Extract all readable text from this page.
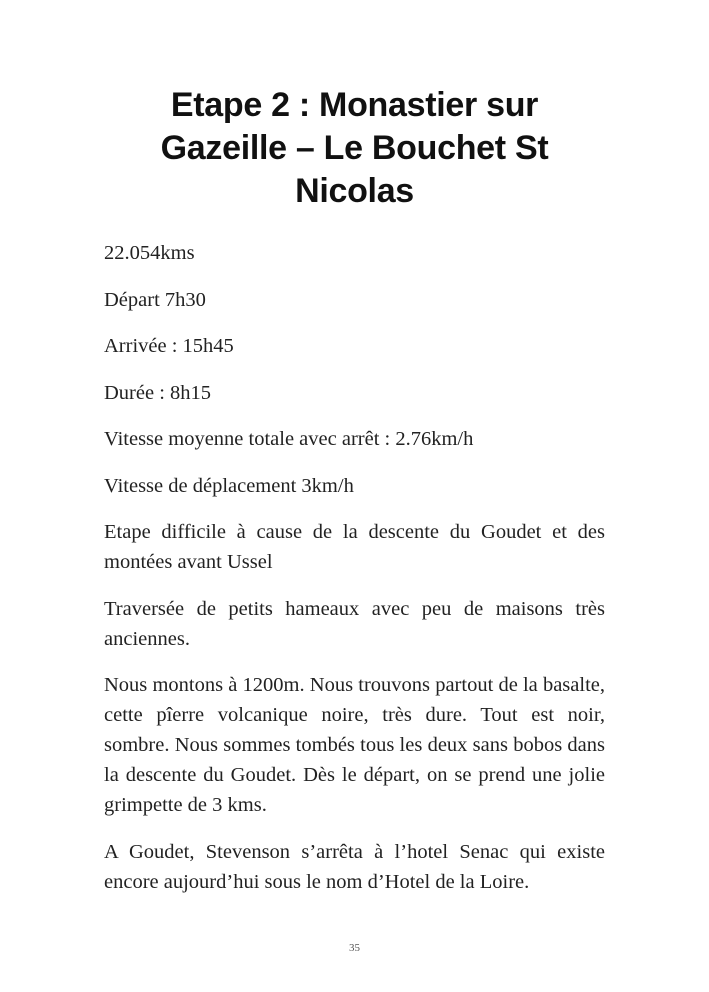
Etape 2 : Monastier sur Gazeille – Le Bouchet St Nicolas

22.054kms

Départ 7h30

Arrivée : 15h45

Durée : 8h15

Vitesse moyenne totale avec arrêt : 2.76km/h

Vitesse de déplacement 3km/h

Etape difficile à cause de la descente du Goudet et des montées avant Ussel

Traversée de petits hameaux avec peu de maisons très anciennes.

Nous montons à 1200m. Nous trouvons partout de la basalte, cette pîerre volcanique noire, très dure. Tout est noir, sombre. Nous sommes tombés tous les deux sans bobos dans la descente du Goudet. Dès le départ, on se prend une jolie grimpette de 3 kms.

A Goudet, Stevenson s’arrêta à l’hotel Senac qui existe encore aujourd’hui sous le nom d’Hotel de la Loire.

35
